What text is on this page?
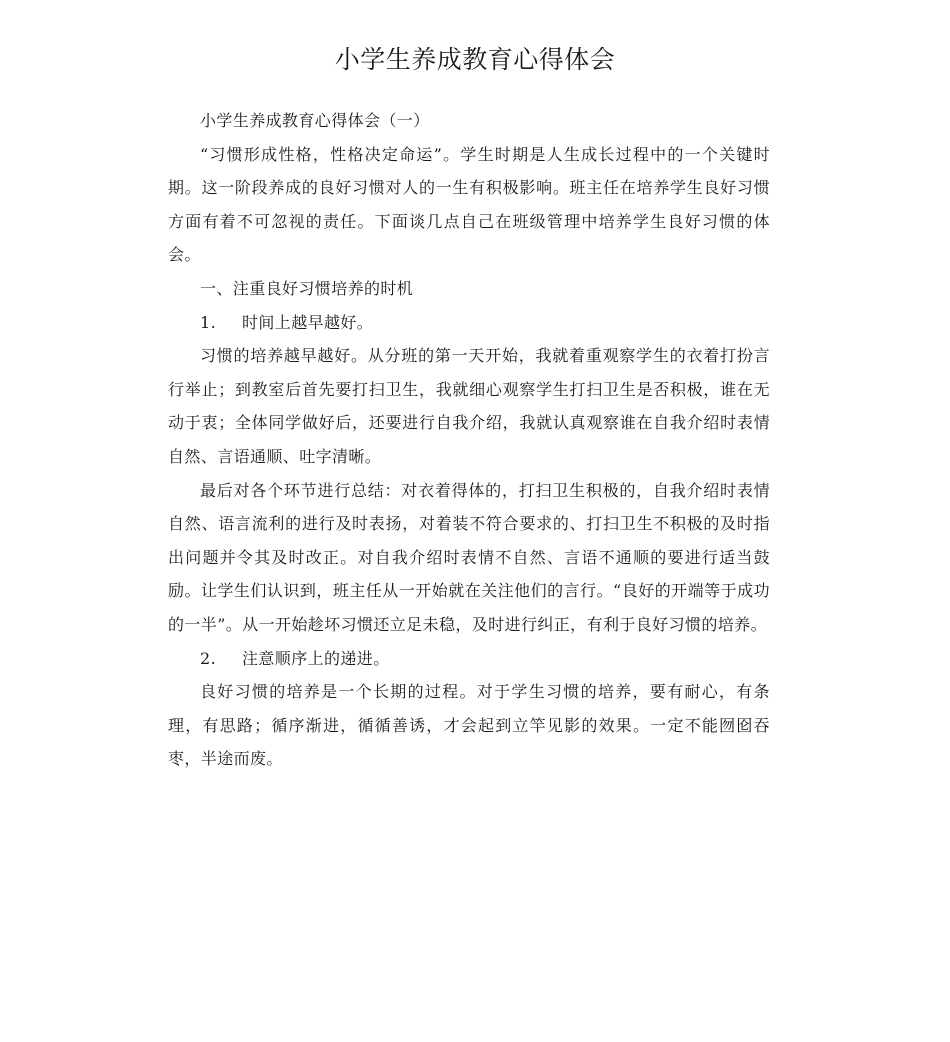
小学生养成教育心得体会

小学生养成教育心得体会（一）

“习惯形成性格，性格决定命运”。学生时期是人生成长过程中的一个关键时期。这一阶段养成的良好习惯对人的一生有积极影响。班主任在培养学生良好习惯方面有着不可忽视的责任。下面谈几点自己在班级管理中培养学生良好习惯的体会。

一、注重良好习惯培养的时机

1. 时间上越早越好。

习惯的培养越早越好。从分班的第一天开始，我就着重观察学生的衣着打扮言行举止；到教室后首先要打扫卫生，我就细心观察学生打扫卫生是否积极，谁在无动于衷；全体同学做好后，还要进行自我介绍，我就认真观察谁在自我介绍时表情自然、言语通顺、吐字清晰。

最后对各个环节进行总结：对衣着得体的，打扫卫生积极的，自我介绍时表情自然、语言流利的进行及时表扬，对着装不符合要求的、打扫卫生不积极的及时指出问题并令其及时改正。对自我介绍时表情不自然、言语不通顺的要进行适当鼓励。让学生们认识到，班主任从一开始就在关注他们的言行。“良好的开端等于成功的一半”。从一开始趁坏习惯还立足未稳，及时进行纠正，有利于良好习惯的培养。

2. 注意顺序上的递进。

良好习惯的培养是一个长期的过程。对于学生习惯的培养，要有耐心，有条理，有思路；循序渐进，循循善诱，才会起到立竿见影的效果。一定不能囫囵吞枣，半途而废。
